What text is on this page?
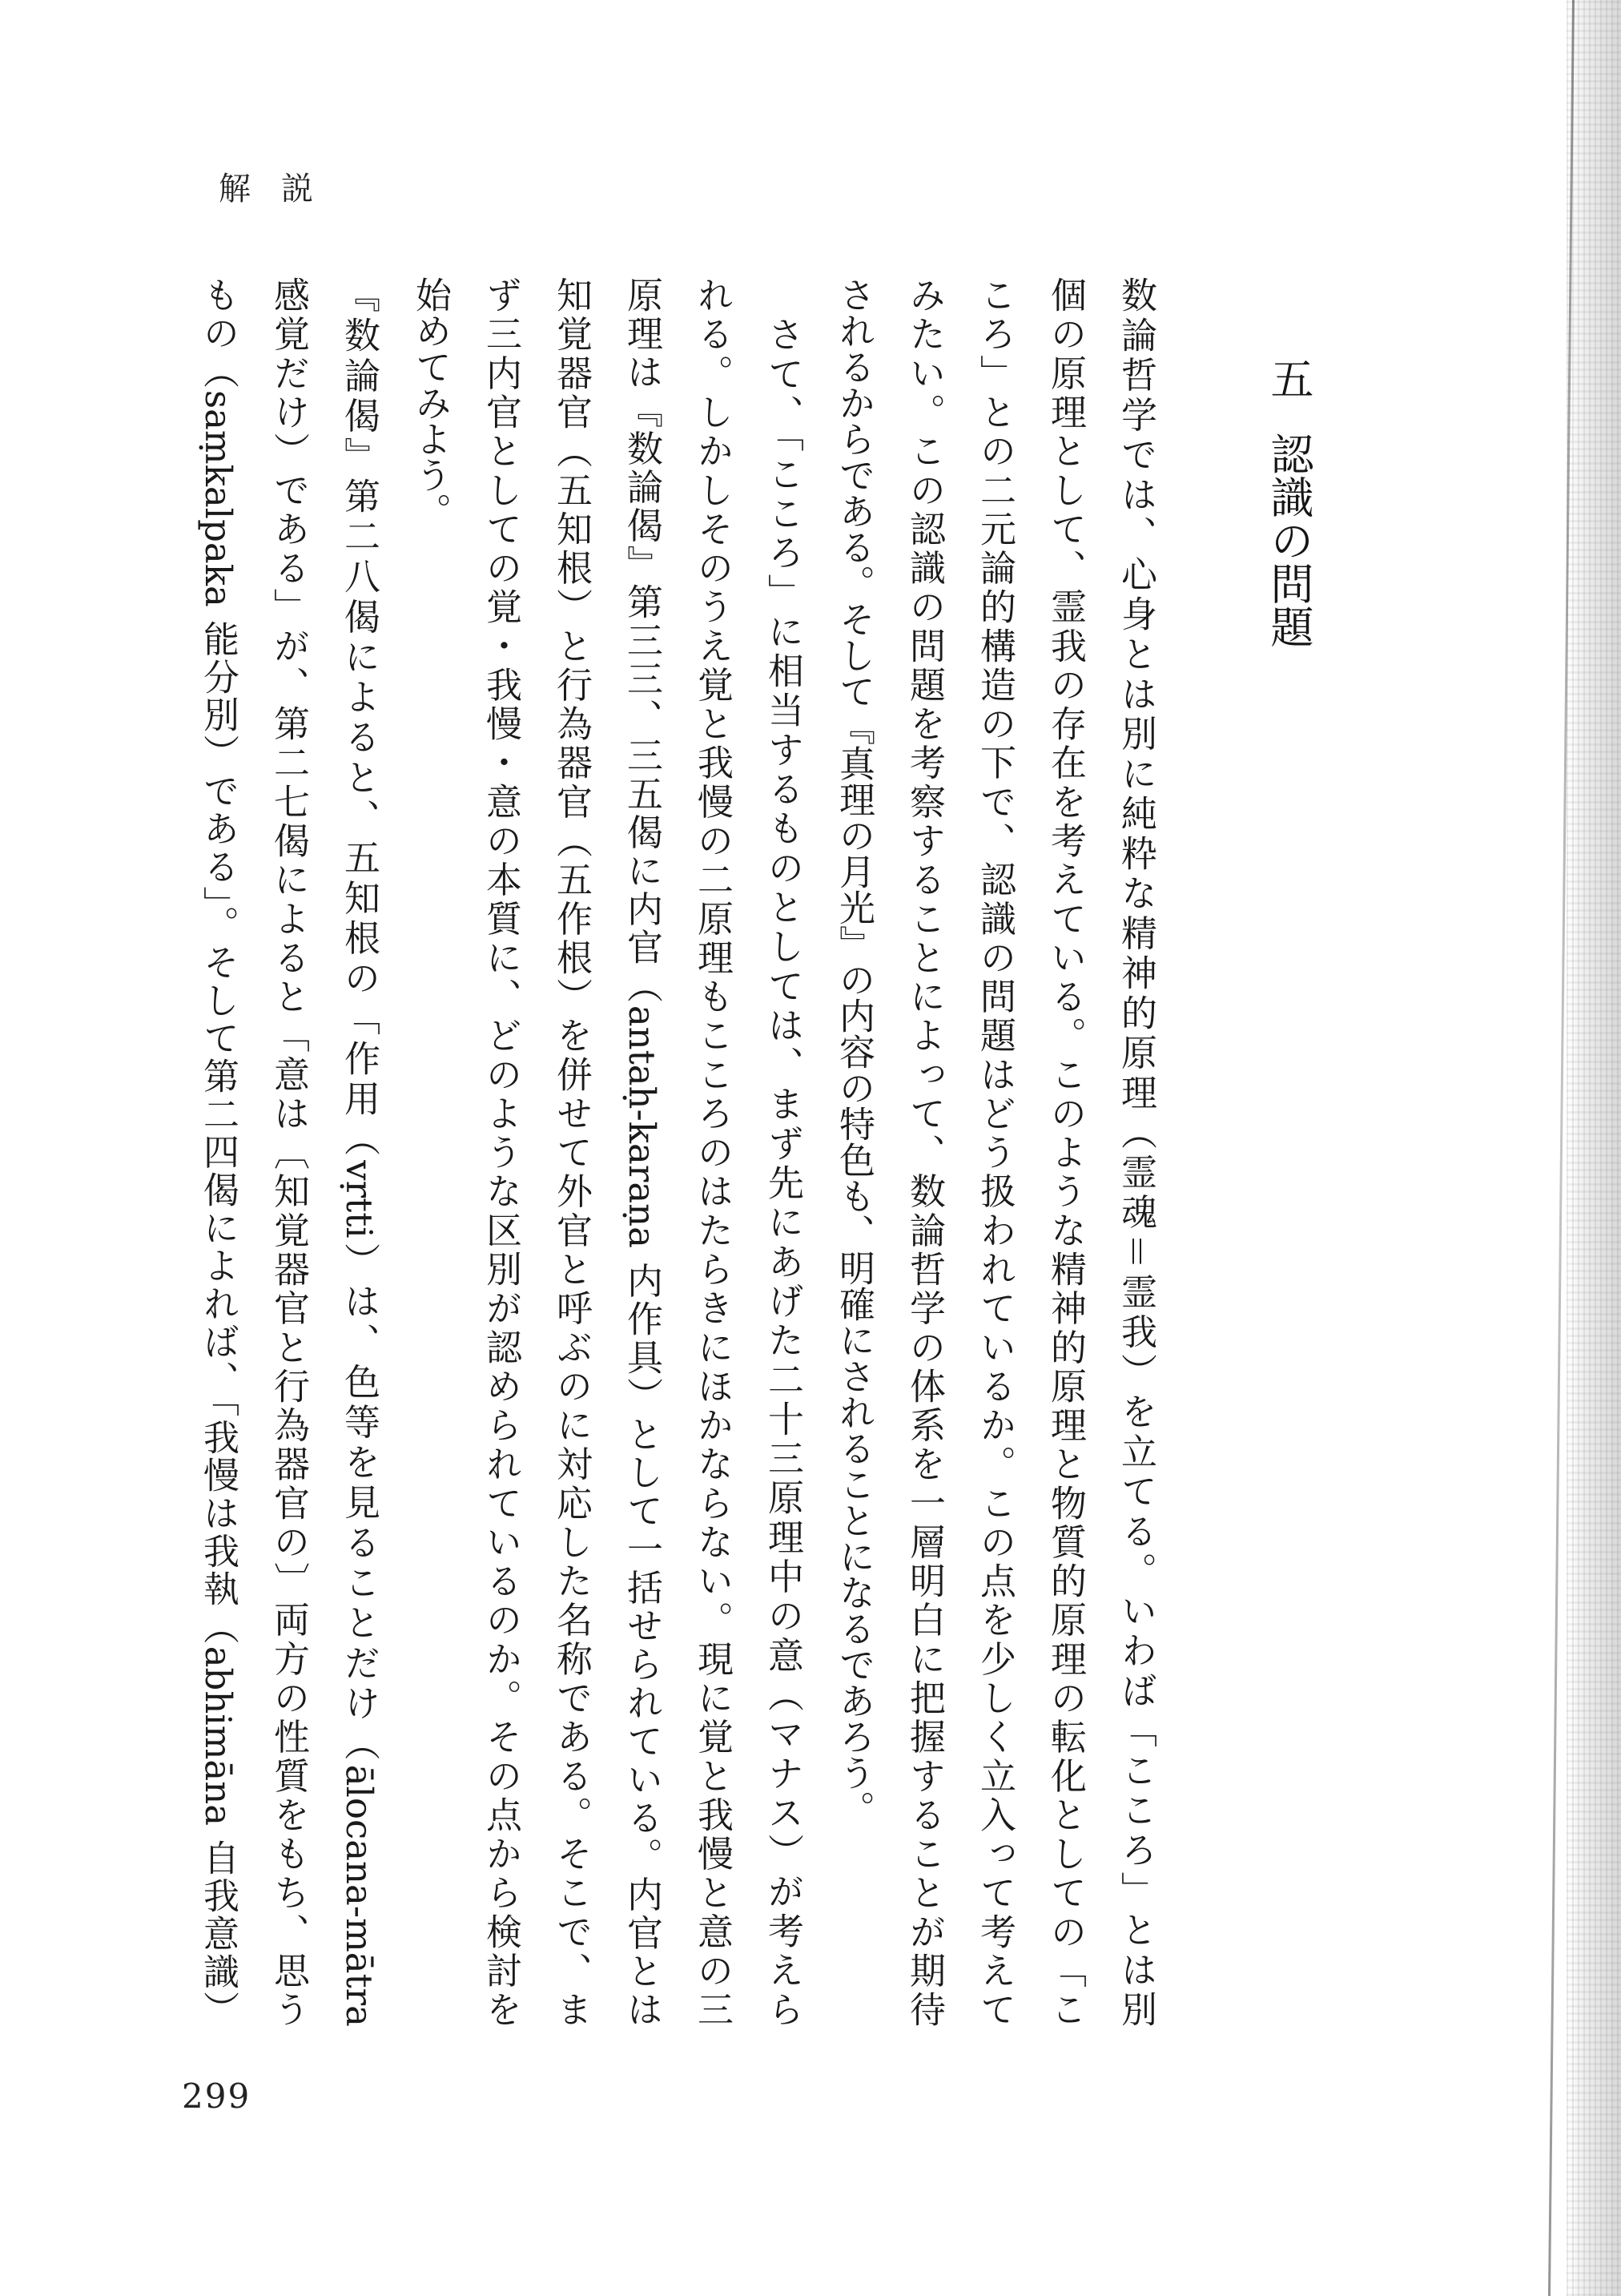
解説
五認識の問題
数論哲学では、心身とは別に純粋な精神的原理（霊魂＝霊我）を立てる。いわば「こころ」とは別
個の原理として、霊我の存在を考えている。このような精神的原理と物質的原理の転化としての「こ
ころ」との二元論的構造の下で、認識の問題はどう扱われているか。この点を少しく立入って考えて
みたい。この認識の問題を考察することによって、数論哲学の体系を一層明白に把握することが期待
されるからである。そして『真理の月光』の内容の特色も、明確にされることになるであろう。
　さて、「こころ」に相当するものとしては、まず先にあげた二十三原理中の意（マナス）が考えら
れる。しかしそのうえ覚と我慢の二原理もこころのはたらきにほかならない。現に覚と我慢と意の三
原理は『数論偈』第三三、三五偈に内官（antaḥ-karaṇa 内作具）として一括せられている。内官とは
知覚器官（五知根）と行為器官（五作根）を併せて外官と呼ぶのに対応した名称である。そこで、ま
ず三内官としての覚・我慢・意の本質に、どのような区別が認められているのか。その点から検討を
始めてみよう。
『数論偈』第二八偈によると、五知根の「作用（vṛtti）は、色等を見ることだけ（ālocana-mātra
感覚だけ）である」が、第二七偈によると「意は〔知覚器官と行為器官の〕両方の性質をもち、思う
もの（saṃkalpaka 能分別）である」。そして第二四偈によれば、「我慢は我執（abhimāna 自我意識）
299
